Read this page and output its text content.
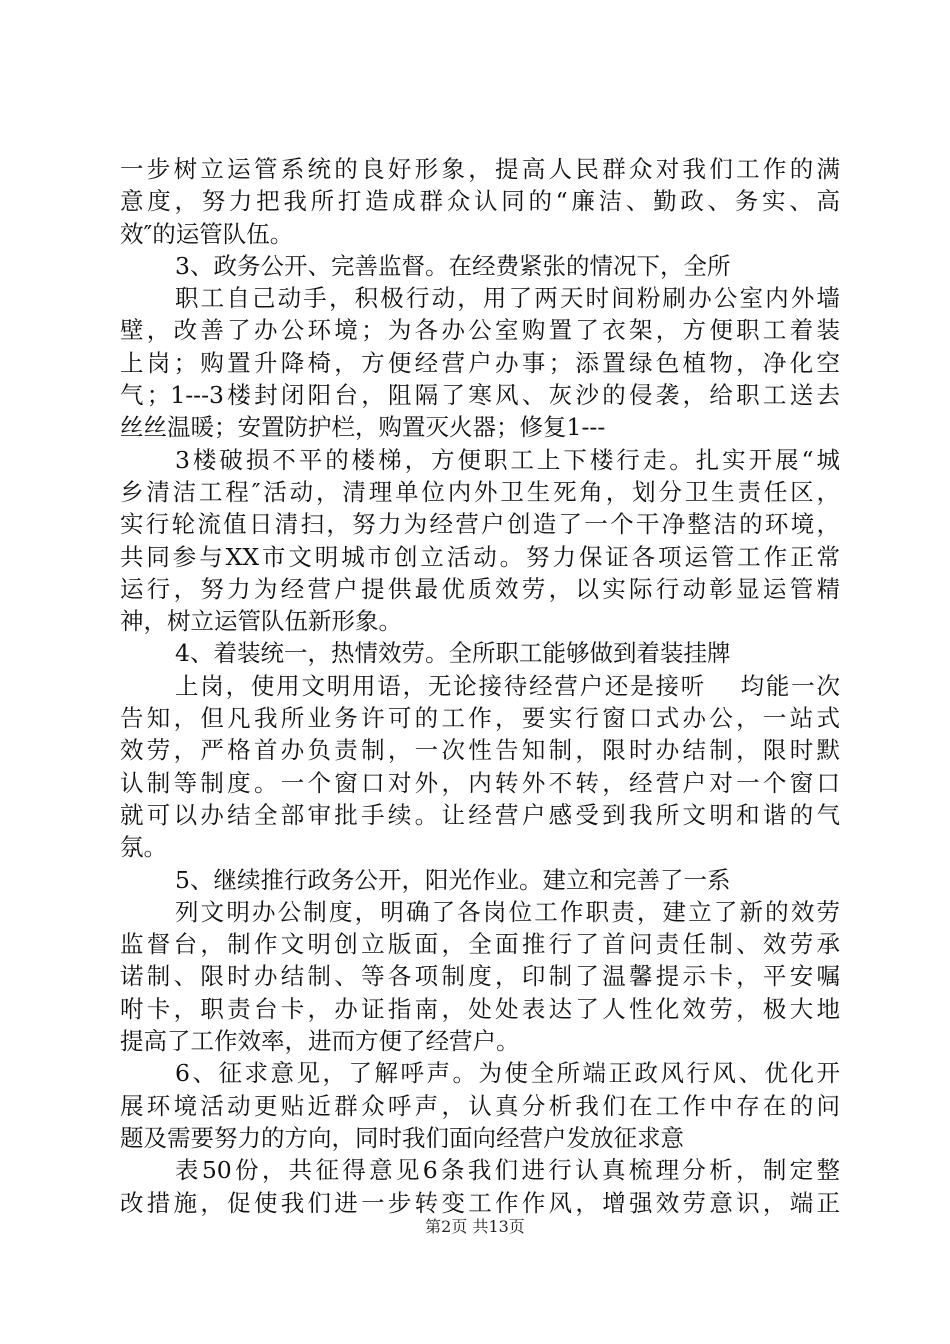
一步树立运管系统的良好形象，提高人民群众对我们工作的满
意度，努力把我所打造成群众认同的“廉洁、勤政、务实、高
效″的运管队伍。
3、政务公开、完善监督。在经费紧张的情况下，全所
职工自己动手，积极行动，用了两天时间粉刷办公室内外墙
壁，改善了办公环境；为各办公室购置了衣架，方便职工着装
上岗；购置升降椅，方便经营户办事；添置绿色植物，净化空
气；1---3楼封闭阳台，阻隔了寒风、灰沙的侵袭，给职工送去
丝丝温暖；安置防护栏，购置灭火器；修复1---
3楼破损不平的楼梯，方便职工上下楼行走。扎实开展“城
乡清洁工程″活动，清理单位内外卫生死角，划分卫生责任区，
实行轮流值日清扫，努力为经营户创造了一个干净整洁的环境，
共同参与XX市文明城市创立活动。努力保证各项运管工作正常
运行，努力为经营户提供最优质效劳，以实际行动彰显运管精
神，树立运管队伍新形象。
4、着装统一，热情效劳。全所职工能够做到着装挂牌
上岗，使用文明用语，无论接待经营户还是接听　 均能一次
告知，但凡我所业务许可的工作，要实行窗口式办公，一站式
效劳，严格首办负责制，一次性告知制，限时办结制，限时默
认制等制度。一个窗口对外，内转外不转，经营户对一个窗口
就可以办结全部审批手续。让经营户感受到我所文明和谐的气
氛。
5、继续推行政务公开，阳光作业。建立和完善了一系
列文明办公制度，明确了各岗位工作职责，建立了新的效劳
监督台，制作文明创立版面，全面推行了首问责任制、效劳承
诺制、限时办结制、等各项制度，印制了温馨提示卡，平安嘱
咐卡，职责台卡，办证指南，处处表达了人性化效劳，极大地
提高了工作效率，进而方便了经营户。
6、征求意见，了解呼声。为使全所端正政风行风、优化开
展环境活动更贴近群众呼声，认真分析我们在工作中存在的问
题及需要努力的方向，同时我们面向经营户发放征求意
表50份，共征得意见6条我们进行认真梳理分析，制定整
改措施，促使我们进一步转变工作作风，增强效劳意识，端正
第2页 共13页
